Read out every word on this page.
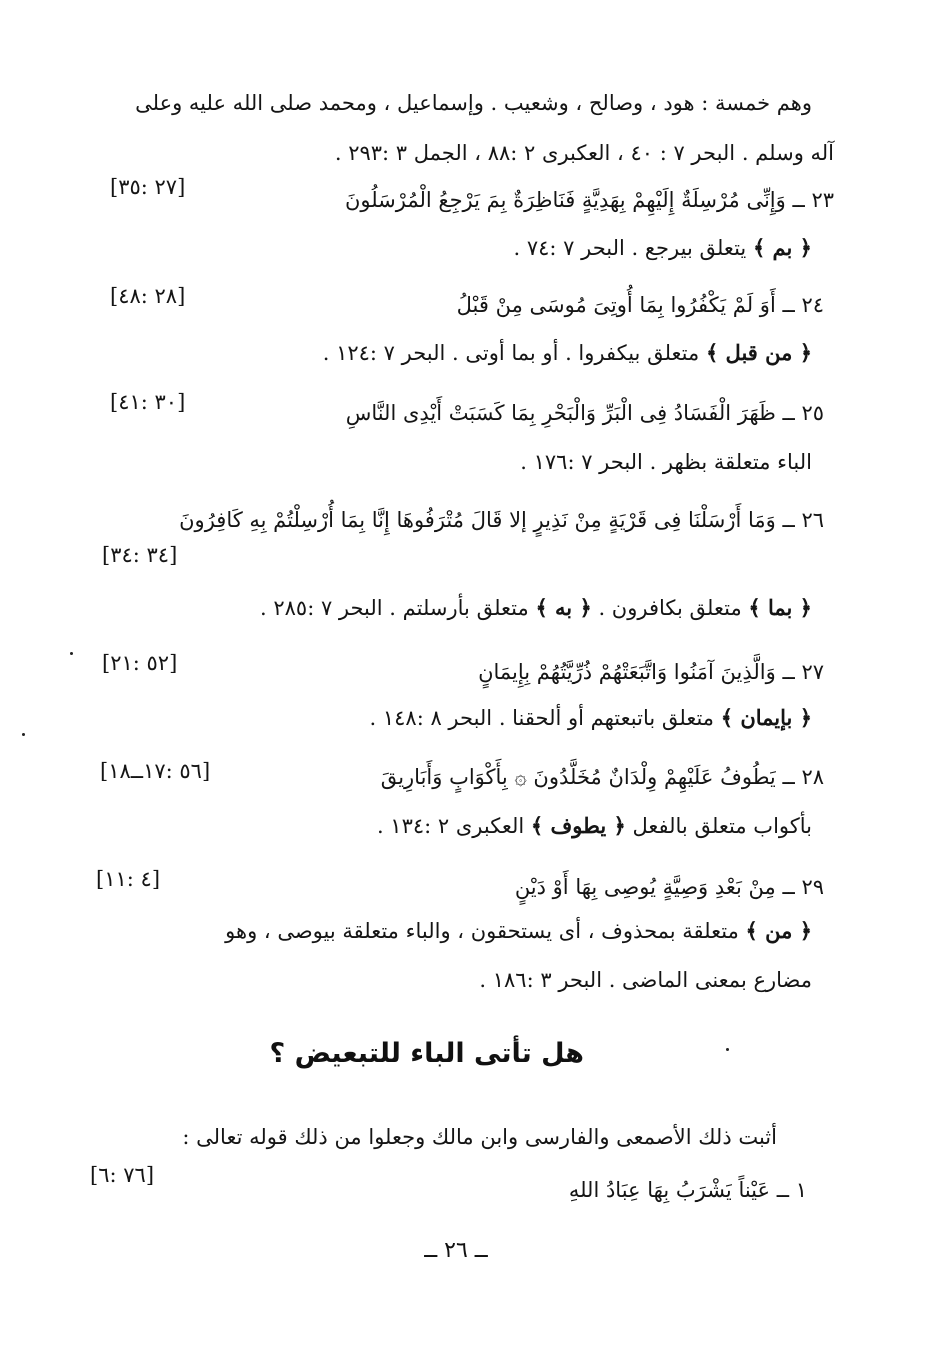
وهم خمسة : هود ، وصالح ، وشعيب . وإسماعيل ، ومحمد صلى الله عليه وعلى
آله وسلم . البحر ٧ : ٤٠ ، العكبرى ٢ :٨٨ ، الجمل ٣ :٢٩٣ .
٢٣ ــ وَإِنِّى مُرْسِلَةٌ إِلَيْهِمْ بِهَدِيَّةٍ فَنَاظِرَةٌ بِمَ يَرْجِعُ الْمُرْسَلُونَ
[٢٧ :٣٥]
﴿ بم ﴾ يتعلق بيرجع . البحر ٧ :٧٤ .
٢٤ ــ أَوَ لَمْ يَكْفُرُوا بِمَا أُوتِىَ مُوسَى مِنْ قَبْلُ
[٢٨ :٤٨]
﴿ من قبل ﴾ متعلق بيكفروا . أو بما أوتى . البحر ٧ :١٢٤ .
٢٥ ــ ظَهَرَ الْفَسَادُ فِى الْبَرِّ وَالْبَحْرِ بِمَا كَسَبَتْ أَيْدِى النَّاسِ
[٣٠ :٤١]
الباء متعلقة بظهر . البحر ٧ :١٧٦ .
٢٦ ــ وَمَا أَرْسَلْنَا فِى قَرْيَةٍ مِنْ نَذِيرٍ إلا قَالَ مُتْرَفُوهَا إِنَّا بِمَا أُرْسِلْتُمْ بِهِ كَافِرُونَ
[٣٤ :٣٤]
﴿ بما ﴾ متعلق بكافرون . ﴿ به ﴾ متعلق بأرسلتم . البحر ٧ :٢٨٥ .
٢٧ ــ وَالَّذِينَ آمَنُوا وَاتَّبَعَتْهُمْ ذُرِّيَّتُهُمْ بِإِيمَانٍ
[٥٢ :٢١]
﴿ بإيمان ﴾ متعلق باتبعتهم أو ألحقنا . البحر ٨ :١٤٨ .
٢٨ ــ يَطُوفُ عَلَيْهِمْ وِلْدَانٌ مُخَلَّدُونَ ۞ بِأَكْوَابٍ وَأَبَارِيقَ
[٥٦ :١٧ــ١٨]
بأكواب متعلق بالفعل ﴿ يطوف ﴾ العكبرى ٢ :١٣٤ .
٢٩ ــ مِنْ بَعْدِ وَصِيَّةٍ يُوصِى بِهَا أَوْ دَيْنٍ
[٤ :١١]
﴿ من ﴾ متعلقة بمحذوف ، أى يستحقون ، والباء متعلقة بيوصى ، وهو
مضارع بمعنى الماضى . البحر ٣ :١٨٦ .
هل تأتى الباء للتبعيض ؟
أثبت ذلك الأصمعى والفارسى وابن مالك وجعلوا من ذلك قوله تعالى :
١ ــ عَيْناً يَشْرَبُ بِهَا عِبَادُ اللهِ
[٧٦ :٦]
ــ ٢٦ ــ
